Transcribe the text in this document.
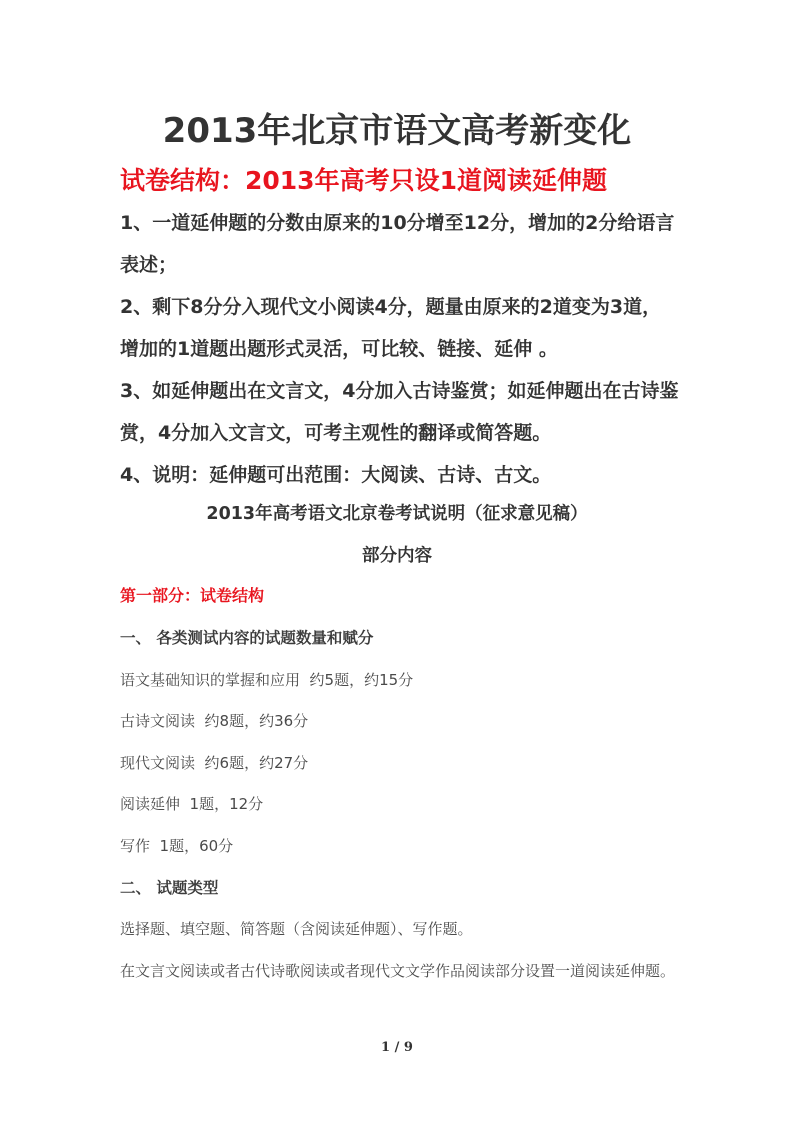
2013年北京市语文高考新变化
试卷结构：2013年高考只设1道阅读延伸题
1、一道延伸题的分数由原来的10分增至12分，增加的2分给语言表述；
2、剩下8分分入现代文小阅读4分，题量由原来的2道变为3道，增加的1道题出题形式灵活，可比较、链接、延伸 。
3、如延伸题出在文言文，4分加入古诗鉴赏；如延伸题出在古诗鉴赏，4分加入文言文，可考主观性的翻译或简答题。
4、说明：延伸题可出范围：大阅读、古诗、古文。
2013年高考语文北京卷考试说明（征求意见稿）
部分内容

第一部分：试卷结构

一、 各类测试内容的试题数量和赋分

语文基础知识的掌握和应用  约5题，约15分

古诗文阅读  约8题，约36分

现代文阅读  约6题，约27分

阅读延伸  1题，12分

写作  1题，60分

二、 试题类型

选择题、填空题、简答题（含阅读延伸题）、写作题。

在文言文阅读或者古代诗歌阅读或者现代文文学作品阅读部分设置一道阅读延伸题。

1 / 9
